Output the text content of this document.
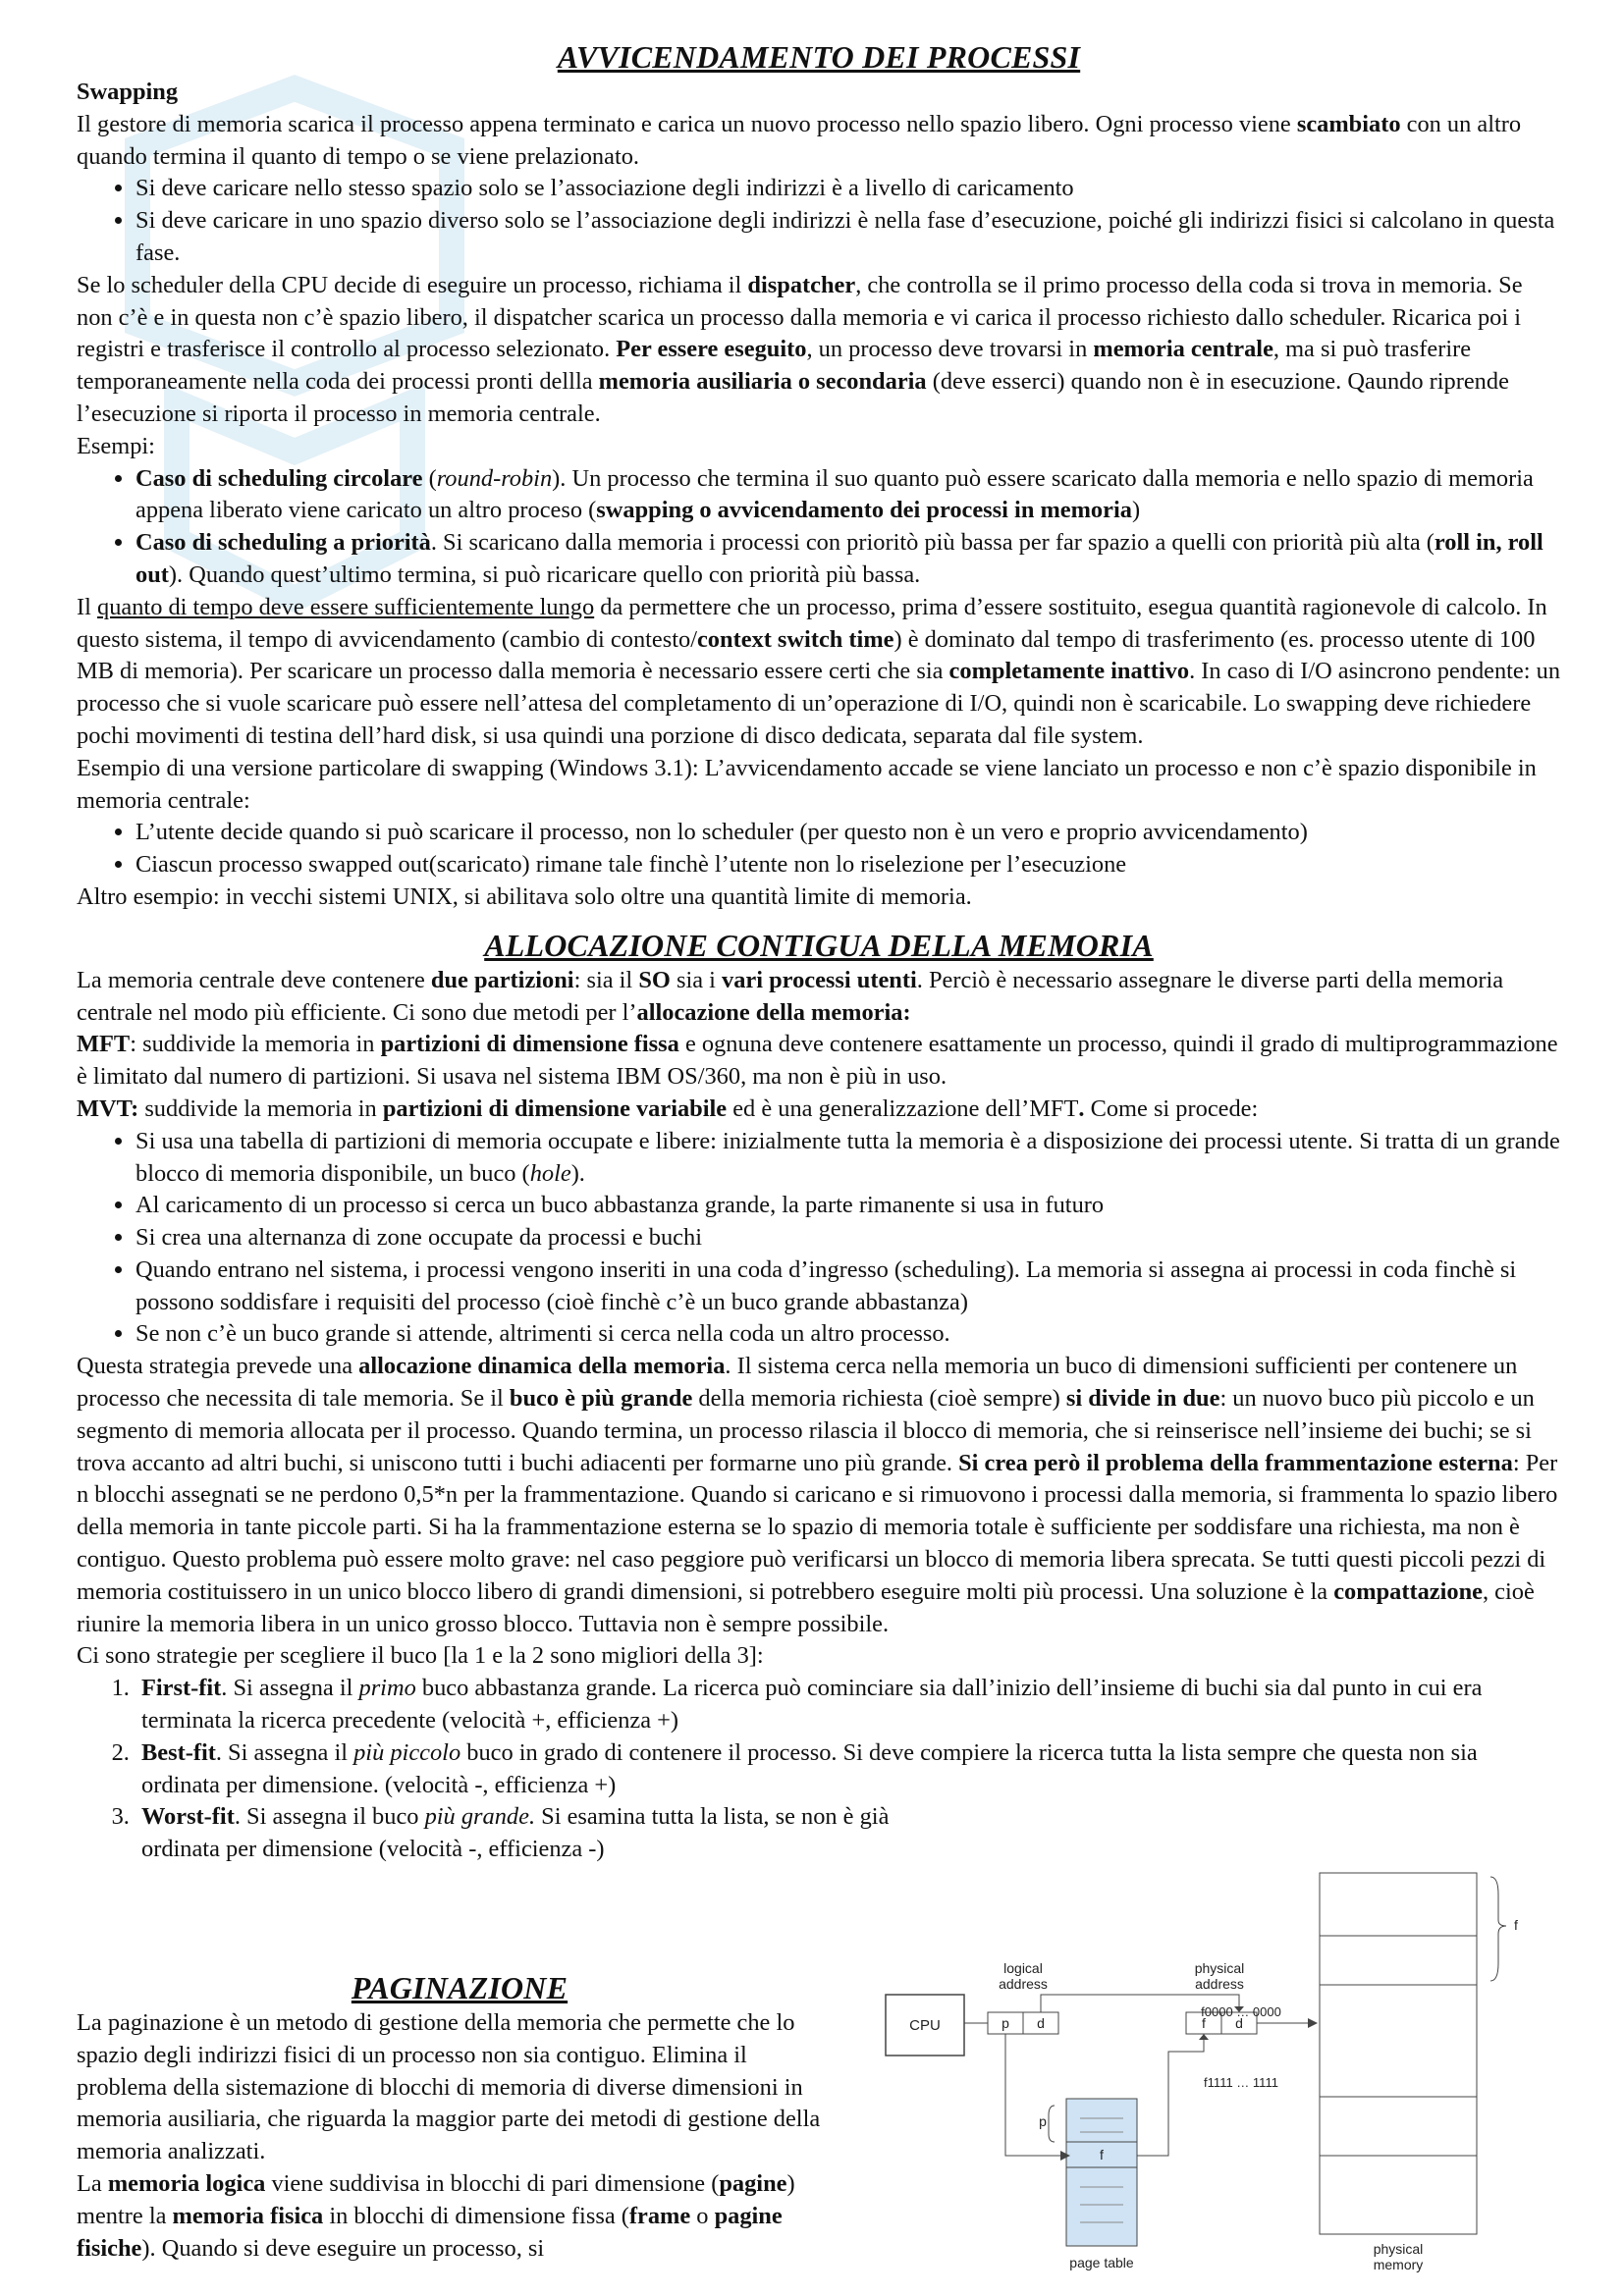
AVVICENDAMENTO DEI PROCESSI

Swapping

Il gestore di memoria scarica il processo appena terminato e carica un nuovo processo nello spazio libero. Ogni processo viene scambiato con un altro quando termina il quanto di tempo o se viene prelazionato.

• Si deve caricare nello stesso spazio solo se l’associazione degli indirizzi è a livello di caricamento
• Si deve caricare in uno spazio diverso solo se l’associazione degli indirizzi è nella fase d’esecuzione, poiché gli indirizzi fisici si calcolano in questa fase.

Se lo scheduler della CPU decide di eseguire un processo, richiama il dispatcher, che controlla se il primo processo della coda si trova in memoria. Se non c’è e in questa non c’è spazio libero, il dispatcher scarica un processo dalla memoria e vi carica il processo richiesto dallo scheduler. Ricarica poi i registri e trasferisce il controllo al processo selezionato. Per essere eseguito, un processo deve trovarsi in memoria centrale, ma si può trasferire temporaneamente nella coda dei processi pronti dellla memoria ausiliaria o secondaria (deve esserci) quando non è in esecuzione. Qaundo riprende l’esecuzione si riporta il processo in memoria centrale.

Esempi:

• Caso di scheduling circolare (round-robin). Un processo che termina il suo quanto può essere scaricato dalla memoria e nello spazio di memoria appena liberato viene caricato un altro proceso (swapping o avvicendamento dei processi in memoria)
• Caso di scheduling a priorità. Si scaricano dalla memoria i processi con prioritò più bassa per far spazio a quelli con priorità più alta (roll in, roll out). Quando quest’ultimo termina, si può ricaricare quello con priorità più bassa.

Il quanto di tempo deve essere sufficientemente lungo da permettere che un processo, prima d’essere sostituito, esegua quantità ragionevole di calcolo. In questo sistema, il tempo di avvicendamento (cambio di contesto/context switch time) è dominato dal tempo di trasferimento (es. processo utente di 100 MB di memoria). Per scaricare un processo dalla memoria è necessario essere certi che sia completamente inattivo. In caso di I/O asincrono pendente: un processo che si vuole scaricare può essere nell’attesa del completamento di un’operazione di I/O, quindi non è scaricabile. Lo swapping deve richiedere pochi movimenti di testina dell’hard disk, si usa quindi una porzione di disco dedicata, separata dal file system.

Esempio di una versione particolare di swapping (Windows 3.1): L’avvicendamento accade se viene lanciato un processo e non c’è spazio disponibile in memoria centrale:

• L’utente decide quando si può scaricare il processo, non lo scheduler (per questo non è un vero e proprio avvicendamento)
• Ciascun processo swapped out(scaricato) rimane tale finchè l’utente non lo riselezione per l’esecuzione

Altro esempio: in vecchi sistemi UNIX, si abilitava solo oltre una quantità limite di memoria.

ALLOCAZIONE CONTIGUA DELLA MEMORIA

La memoria centrale deve contenere due partizioni: sia il SO sia i vari processi utenti. Perciò è necessario assegnare le diverse parti della memoria centrale nel modo più efficiente. Ci sono due metodi per l’allocazione della memoria:

MFT: suddivide la memoria in partizioni di dimensione fissa e ognuna deve contenere esattamente un processo, quindi il grado di multiprogrammazione è limitato dal numero di partizioni. Si usava nel sistema IBM OS/360, ma non è più in uso.

MVT: suddivide la memoria in partizioni di dimensione variabile ed è una generalizzazione dell’MFT. Come si procede:

• Si usa una tabella di partizioni di memoria occupate e libere: inizialmente tutta la memoria è a disposizione dei processi utente. Si tratta di un grande blocco di memoria disponibile, un buco (hole).
• Al caricamento di un processo si cerca un buco abbastanza grande, la parte rimanente si usa in futuro
• Si crea una alternanza di zone occupate da processi e buchi
• Quando entrano nel sistema, i processi vengono inseriti in una coda d’ingresso (scheduling). La memoria si assegna ai processi in coda finchè si possono soddisfare i requisiti del processo (cioè finchè c’è un buco grande abbastanza)
• Se non c’è un buco grande si attende, altrimenti si cerca nella coda un altro processo.

Questa strategia prevede una allocazione dinamica della memoria. Il sistema cerca nella memoria un buco di dimensioni sufficienti per contenere un processo che necessita di tale memoria. Se il buco è più grande della memoria richiesta (cioè sempre) si divide in due: un nuovo buco più piccolo e un segmento di memoria allocata per il processo. Quando termina, un processo rilascia il blocco di memoria, che si reinserisce nell’insieme dei buchi; se si trova accanto ad altri buchi, si uniscono tutti i buchi adiacenti per formarne uno più grande. Si crea però il problema della frammentazione esterna: Per n blocchi assegnati se ne perdono 0,5*n per la frammentazione. Quando si caricano e si rimuovono i processi dalla memoria, si frammenta lo spazio libero della memoria in tante piccole parti. Si ha la frammentazione esterna se lo spazio di memoria totale è sufficiente per soddisfare una richiesta, ma non è contiguo. Questo problema può essere molto grave: nel caso peggiore può verificarsi un blocco di memoria libera sprecata. Se tutti questi piccoli pezzi di memoria costituissero in un unico blocco libero di grandi dimensioni, si potrebbero eseguire molti più processi. Una soluzione è la compattazione, cioè riunire la memoria libera in un unico grosso blocco. Tuttavia non è sempre possibile.

Ci sono strategie per scegliere il buco [la 1 e la 2 sono migliori della 3]:

1. First-fit. Si assegna il primo buco abbastanza grande. La ricerca può cominciare sia dall’inizio dell’insieme di buchi sia dal punto in cui era terminata la ricerca precedente (velocità +, efficienza +)
2. Best-fit. Si assegna il più piccolo buco in grado di contenere il processo. Si deve compiere la ricerca tutta la lista sempre che questa non sia ordinata per dimensione. (velocità -, efficienza +)
3. Worst-fit. Si assegna il buco più grande. Si esamina tutta la lista, se non è già ordinata per dimensione (velocità -, efficienza -)
PAGINAZIONE

La paginazione è un metodo di gestione della memoria che permette che lo spazio degli indirizzi fisici di un processo non sia contiguo. Elimina il problema della sistemazione di blocchi di memoria di diverse dimensioni in memoria ausiliaria, che riguarda la maggior parte dei metodi di gestione della memoria analizzati.

La memoria logica viene suddivisa in blocchi di pari dimensione (pagine) mentre la memoria fisica in blocchi di dimensione fissa (frame o pagine fisiche). Quando si deve eseguire un processo, si

CPU	p d
logical
address
f d
physical
address
f
p
page table
f0000 … 0000
f1111 … 1111
f
physical
memory
